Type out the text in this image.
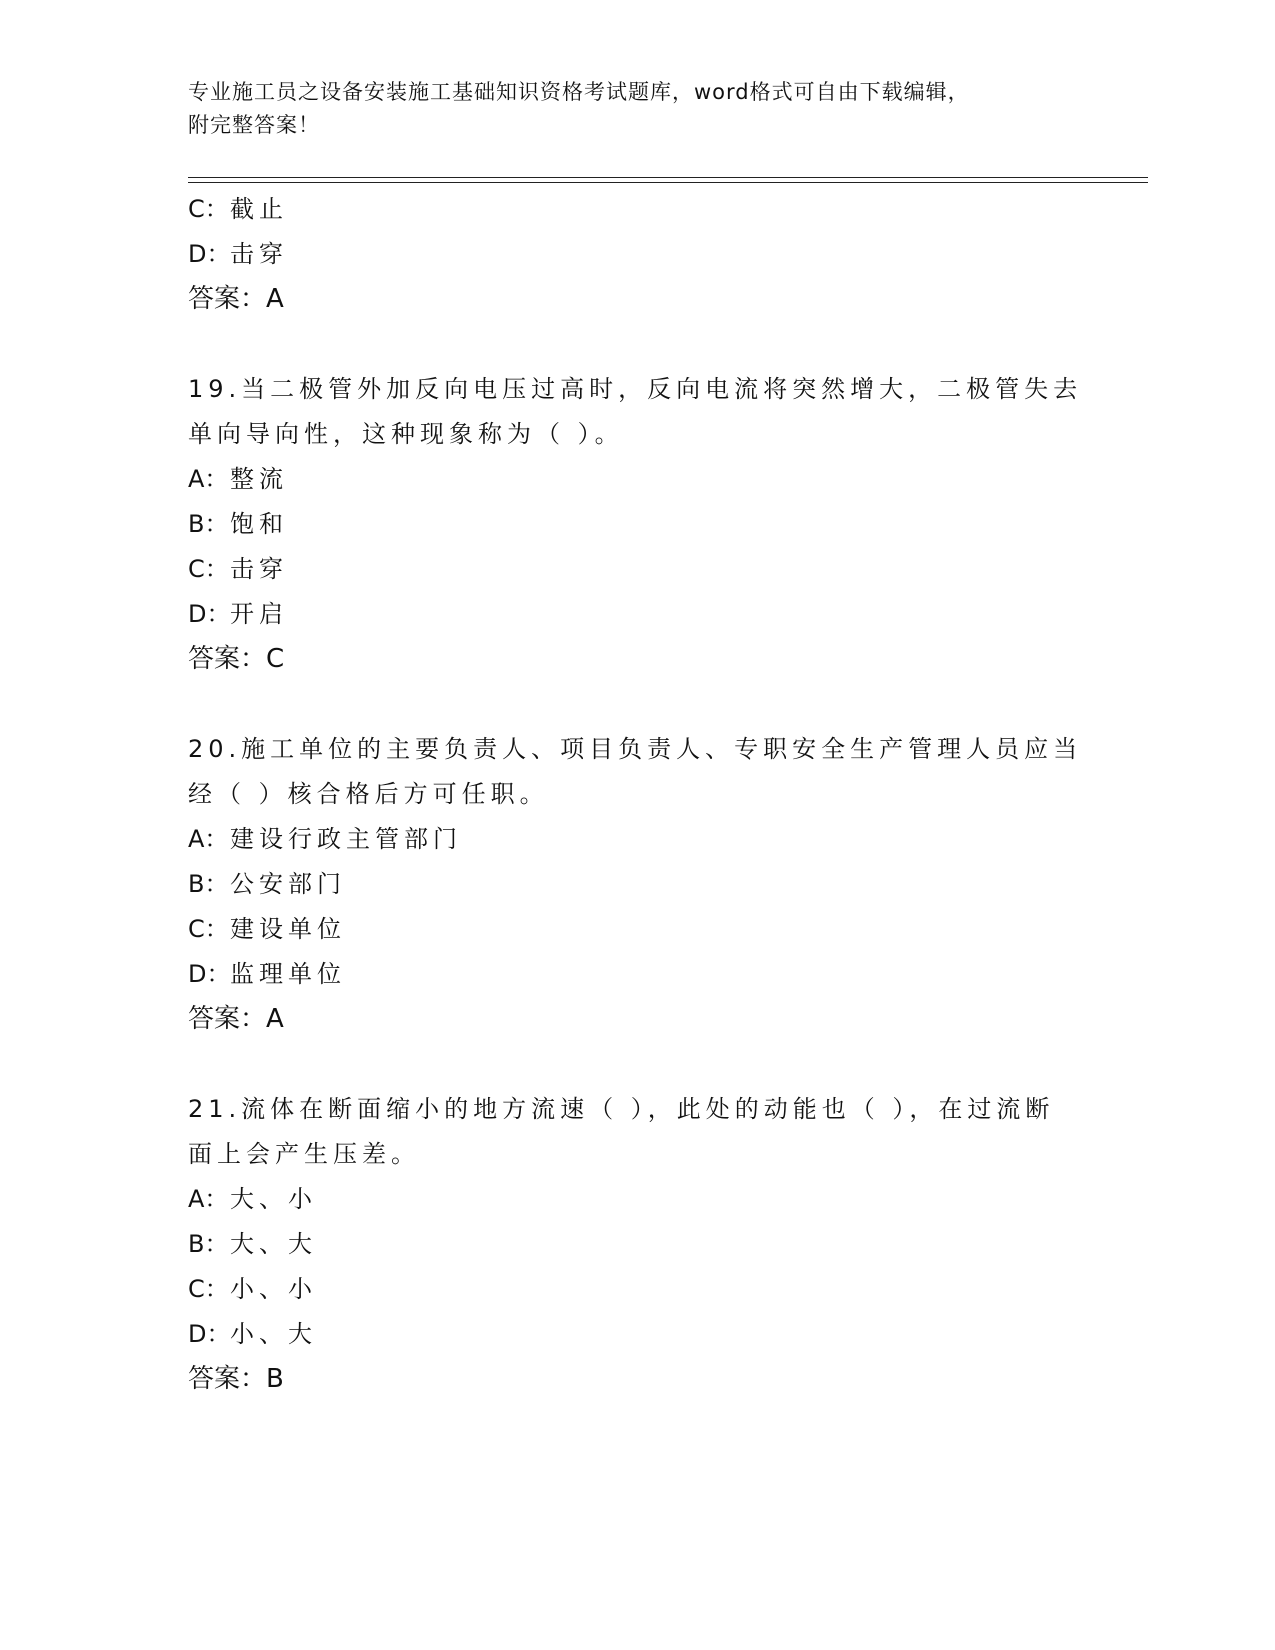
专业施工员之设备安装施工基础知识资格考试题库，word格式可自由下载编辑，
附完整答案！
C：截止
D：击穿
答案：A
19.当二极管外加反向电压过高时，反向电流将突然增大，二极管失去
单向导向性，这种现象称为（ ）。
A：整流
B：饱和
C：击穿
D：开启
答案：C
20.施工单位的主要负责人、项目负责人、专职安全生产管理人员应当
经（ ）核合格后方可任职。
A：建设行政主管部门
B：公安部门
C：建设单位
D：监理单位
答案：A
21.流体在断面缩小的地方流速（ ），此处的动能也（ ），在过流断
面上会产生压差。
A：大、小
B：大、大
C：小、小
D：小、大
答案：B
